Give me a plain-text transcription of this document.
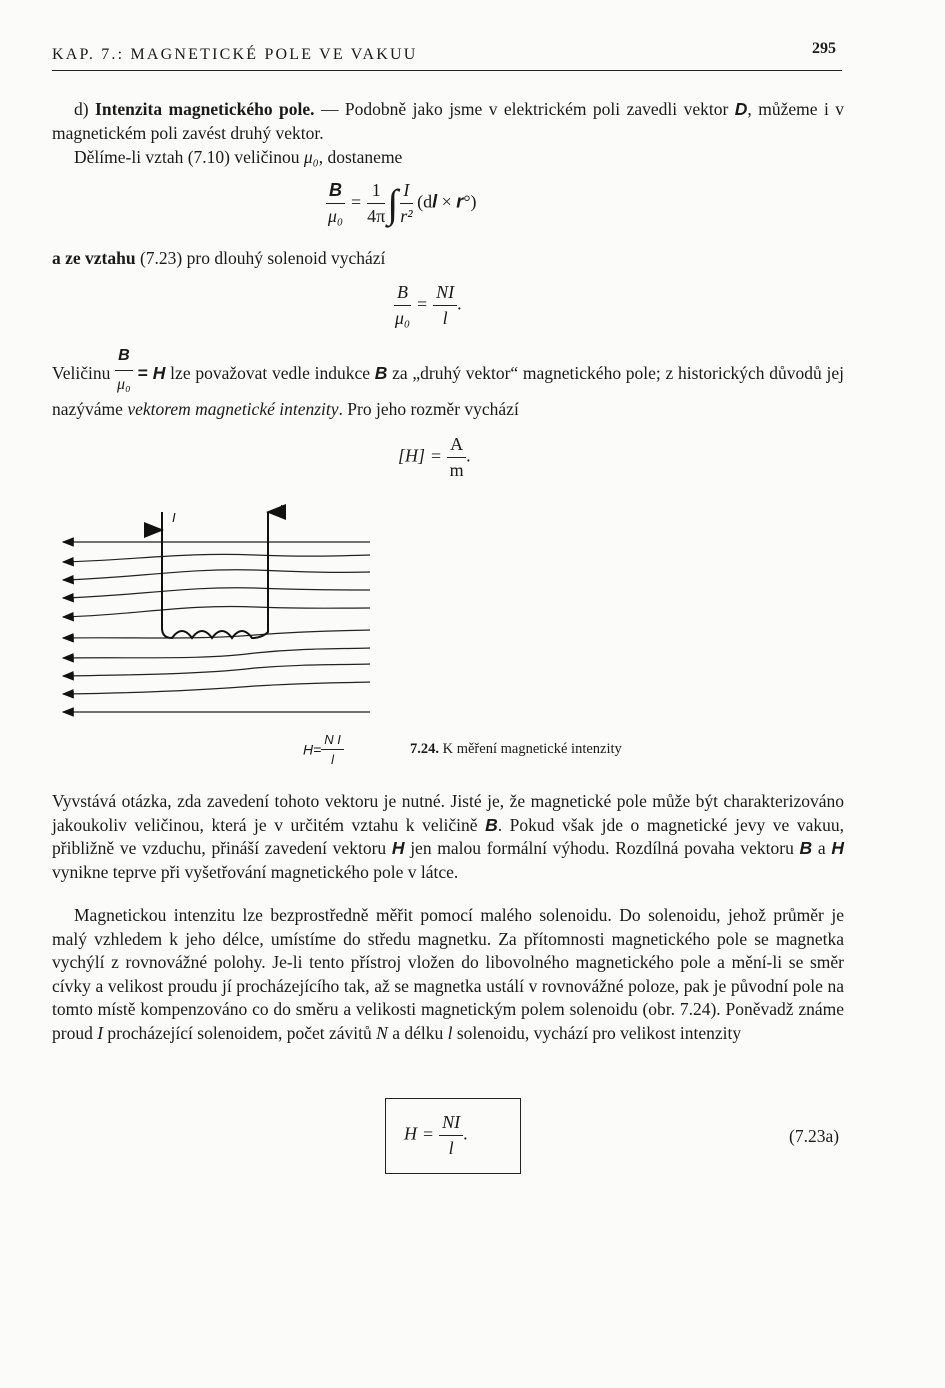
KAP. 7.: MAGNETICKÉ POLE VE VAKUU	295
d) Intenzita magnetického pole. — Podobně jako jsme v elektrickém poli zavedli vektor D, můžeme i v magnetickém poli zavést druhý vektor.
Dělíme-li vztah (7.10) veličinou μ₀, dostaneme
$\frac{B}{\text{μ₀}} = \frac{1}{4\pi}$ ∫ $\frac{I}{\text{r²}} (dl \times r^\circ)$
a ze vztahu (7.23) pro dlouhý solenoid vychází
$\frac{B}{\text{μ₀}} = \frac{NI}{l}$ .
Veličinu $\frac{B}{\text{μ₀}} = H$ lze považovat vedle indukce B za „druhý vektor“ magnetického pole; z historických důvodů jej nazýváme vektorem magnetické intenzity. Pro jeho rozměr vychází
$[H] = \frac{A}{m}$ .
I
I
$H= \frac{\text{N I}}{l}$	7.24. K měření magnetické intenzity
Vyvstává otázka, zda zavedení tohoto vektoru je nutné. Jisté je, že magnetické pole může být charakterizováno jakoukoliv veličinou, která je v určitém vztahu k veličině B. Pokud však jde o magnetické jevy ve vakuu, přibližně ve vzduchu, přináší zavedení vektoru H jen malou formální výhodu. Rozdílná povaha vektoru B a H vynikne teprve při vyšetřování magnetického pole v látce.
Magnetickou intenzitu lze bezprostředně měřit pomocí malého solenoidu. Do solenoidu, jehož průměr je malý vzhledem k jeho délce, umístíme do středu magnetku. Za přítomnosti magnetického pole se magnetka vychýlí z rovnovážné polohy. Je-li tento přístroj vložen do libovolného magnetického pole a mění-li se směr cívky a velikost proudu jí procházejícího tak, až se magnetka ustálí v rovnovážné poloze, pak je původní pole na tomto místě kompenzováno co do směru a velikosti magnetickým polem solenoidu (obr. 7.24). Poněvadž známe proud I procházející solenoidem, počet závitů N a délku l solenoidu, vychází pro velikost intenzity
$H = \frac{NI}{l}$ .	(7.23a)
